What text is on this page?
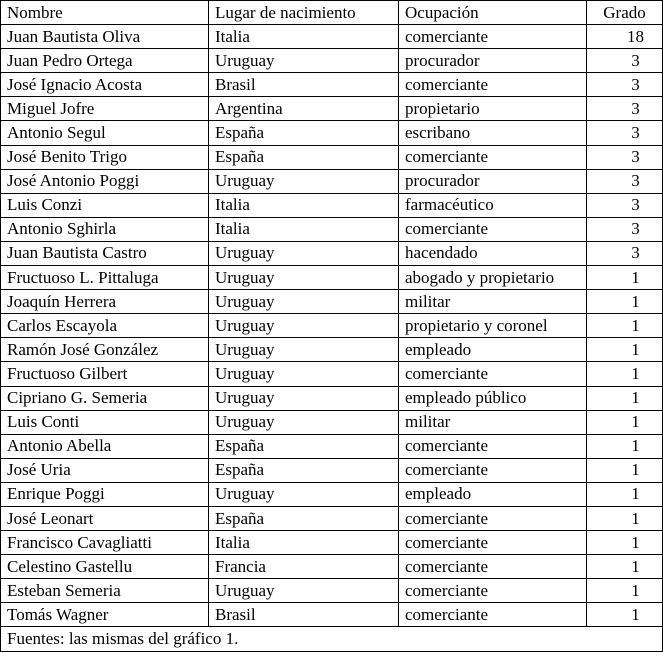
Nombre	Lugar de nacimiento	Ocupación	Grado
Juan Bautista Oliva	Italia	comerciante	18
Juan Pedro Ortega	Uruguay	procurador	3
José Ignacio Acosta	Brasil	comerciante	3
Miguel Jofre	Argentina	propietario	3
Antonio Segul	España	escribano	3
José Benito Trigo	España	comerciante	3
José Antonio Poggi	Uruguay	procurador	3
Luis Conzi	Italia	farmacéutico	3
Antonio Sghirla	Italia	comerciante	3
Juan Bautista Castro	Uruguay	hacendado	3
Fructuoso L. Pittaluga	Uruguay	abogado y propietario	1
Joaquín Herrera	Uruguay	militar	1
Carlos Escayola	Uruguay	propietario y coronel	1
Ramón José González	Uruguay	empleado	1
Fructuoso Gilbert	Uruguay	comerciante	1
Cipriano G. Semeria	Uruguay	empleado público	1
Luis Conti	Uruguay	militar	1
Antonio Abella	España	comerciante	1
José Uria	España	comerciante	1
Enrique Poggi	Uruguay	empleado	1
José Leonart	España	comerciante	1
Francisco Cavagliatti	Italia	comerciante	1
Celestino Gastellu	Francia	comerciante	1
Esteban Semeria	Uruguay	comerciante	1
Tomás Wagner	Brasil	comerciante	1
Fuentes: las mismas del gráfico 1.			
